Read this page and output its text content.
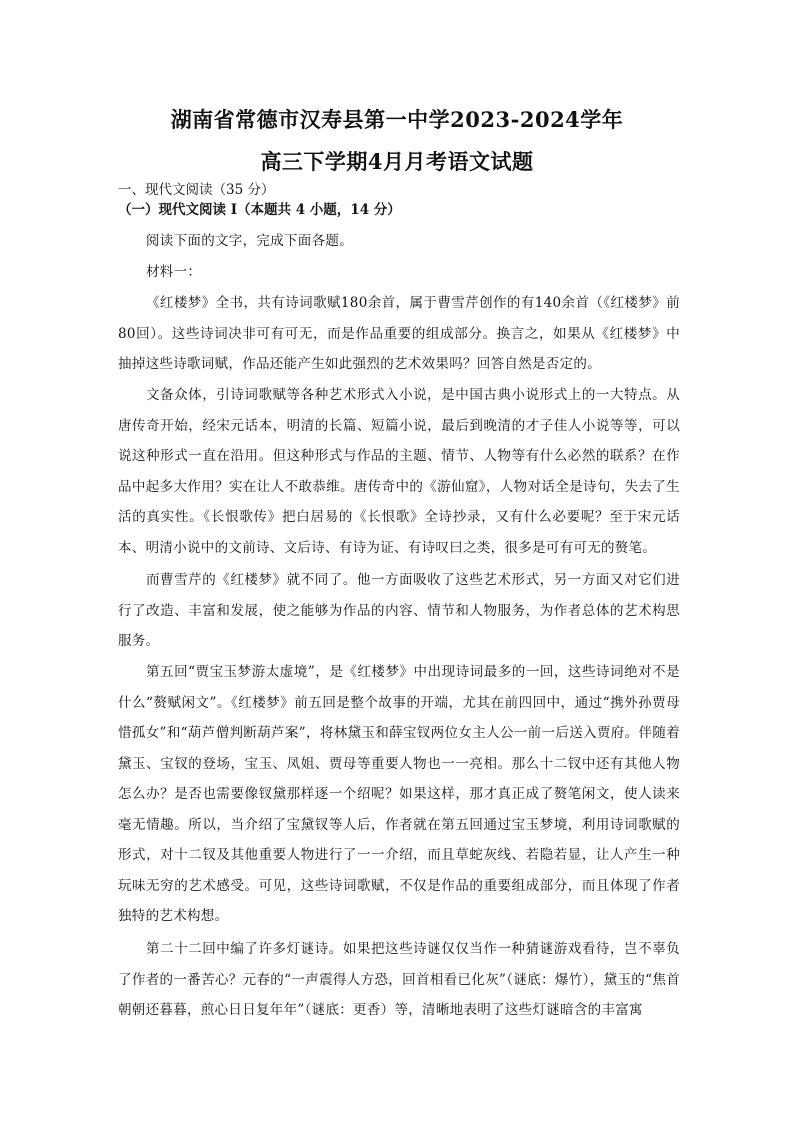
湖南省常德市汉寿县第一中学2023-2024学年
高三下学期4月月考语文试题

一、现代文阅读（35 分）

（一）现代文阅读 I（本题共 4 小题，14 分）

阅读下面的文字，完成下面各题。

材料一：

《红楼梦》全书，共有诗词歌赋180余首，属于曹雪芹创作的有140余首（《红楼梦》前80回）。这些诗词决非可有可无，而是作品重要的组成部分。换言之，如果从《红楼梦》中抽掉这些诗歌词赋，作品还能产生如此强烈的艺术效果吗？回答自然是否定的。

文备众体，引诗词歌赋等各种艺术形式入小说，是中国古典小说形式上的一大特点。从唐传奇开始，经宋元话本，明清的长篇、短篇小说，最后到晚清的才子佳人小说等等，可以说这种形式一直在沿用。但这种形式与作品的主题、情节、人物等有什么必然的联系？在作品中起多大作用？实在让人不敢恭维。唐传奇中的《游仙窟》，人物对话全是诗句，失去了生活的真实性。《长恨歌传》把白居易的《长恨歌》全诗抄录，又有什么必要呢？至于宋元话本、明清小说中的文前诗、文后诗、有诗为证、有诗叹曰之类，很多是可有可无的赘笔。

而曹雪芹的《红楼梦》就不同了。他一方面吸收了这些艺术形式，另一方面又对它们进行了改造、丰富和发展，使之能够为作品的内容、情节和人物服务，为作者总体的艺术构思服务。

第五回“贾宝玉梦游太虚境”，是《红楼梦》中出现诗词最多的一回，这些诗词绝对不是什么“赘赋闲文”。《红楼梦》前五回是整个故事的开端，尤其在前四回中，通过“携外孙贾母惜孤女”和“葫芦僧判断葫芦案”，将林黛玉和薛宝钗两位女主人公一前一后送入贾府。伴随着黛玉、宝钗的登场，宝玉、凤姐、贾母等重要人物也一一亮相。那么十二钗中还有其他人物怎么办？是否也需要像钗黛那样逐一个绍呢？如果这样，那才真正成了赘笔闲文，使人读来毫无情趣。所以，当介绍了宝黛钗等人后，作者就在第五回通过宝玉梦境，利用诗词歌赋的形式，对十二钗及其他重要人物进行了一一介绍，而且草蛇灰线、若隐若显，让人产生一种玩味无穷的艺术感受。可见，这些诗词歌赋，不仅是作品的重要组成部分，而且体现了作者独特的艺术构想。

第二十二回中编了许多灯谜诗。如果把这些诗谜仅仅当作一种猜谜游戏看待，岂不辜负了作者的一番苦心？元春的“一声震得人方恐，回首相看已化灰”（谜底：爆竹），黛玉的“焦首朝朝还暮暮，煎心日日复年年”（谜底：更香）等，清晰地表明了这些灯谜暗含的丰富寓
